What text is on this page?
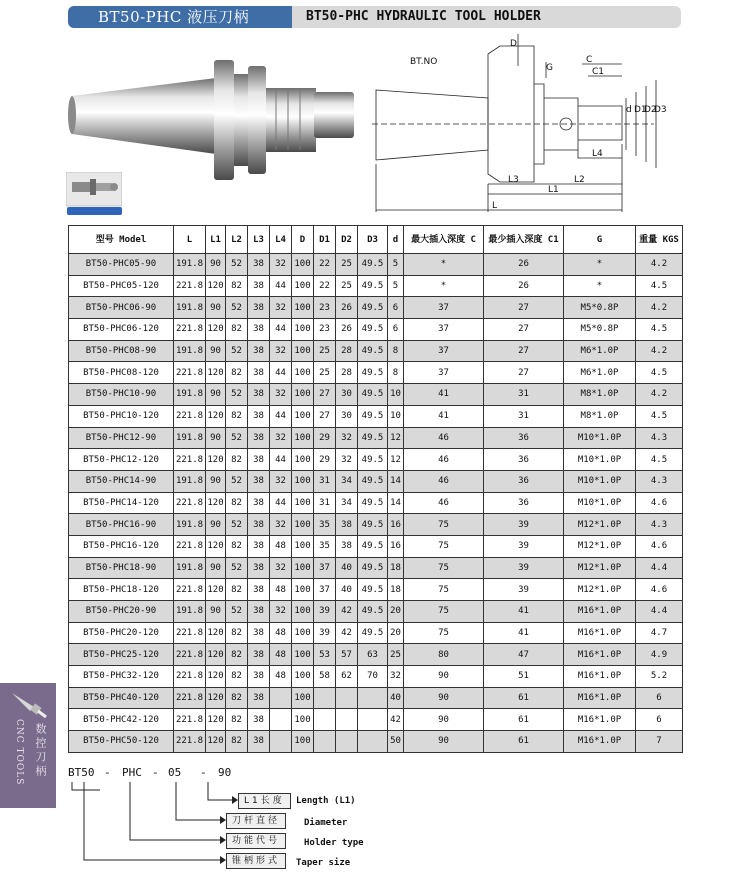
BT50-PHC 液压刀柄	BT50-PHC HYDRAULIC TOOL HOLDER
D
BT.NO
G
C
C1
d D1
D2
D3
L4
L3	L2
L1
L
型号 Model	L	L1	L2	L3	L4	D	D1	D2	D3	d	最大插入深度 C	最少插入深度 C1	G	重量 KGS
BT50-PHC05-90	191.8	90	52	38	32	100	22	25	49.5	5	*	26	*	4.2
BT50-PHC05-120	221.8	120	82	38	44	100	22	25	49.5	5	*	26	*	4.5
BT50-PHC06-90	191.8	90	52	38	32	100	23	26	49.5	6	37	27	M5*0.8P	4.2
BT50-PHC06-120	221.8	120	82	38	44	100	23	26	49.5	6	37	27	M5*0.8P	4.5
BT50-PHC08-90	191.8	90	52	38	32	100	25	28	49.5	8	37	27	M6*1.0P	4.2
BT50-PHC08-120	221.8	120	82	38	44	100	25	28	49.5	8	37	27	M6*1.0P	4.5
BT50-PHC10-90	191.8	90	52	38	32	100	27	30	49.5	10	41	31	M8*1.0P	4.2
BT50-PHC10-120	221.8	120	82	38	44	100	27	30	49.5	10	41	31	M8*1.0P	4.5
BT50-PHC12-90	191.8	90	52	38	32	100	29	32	49.5	12	46	36	M10*1.0P	4.3
BT50-PHC12-120	221.8	120	82	38	44	100	29	32	49.5	12	46	36	M10*1.0P	4.5
BT50-PHC14-90	191.8	90	52	38	32	100	31	34	49.5	14	46	36	M10*1.0P	4.3
BT50-PHC14-120	221.8	120	82	38	44	100	31	34	49.5	14	46	36	M10*1.0P	4.6
BT50-PHC16-90	191.8	90	52	38	32	100	35	38	49.5	16	75	39	M12*1.0P	4.3
BT50-PHC16-120	221.8	120	82	38	48	100	35	38	49.5	16	75	39	M12*1.0P	4.6
BT50-PHC18-90	191.8	90	52	38	32	100	37	40	49.5	18	75	39	M12*1.0P	4.4
BT50-PHC18-120	221.8	120	82	38	48	100	37	40	49.5	18	75	39	M12*1.0P	4.6
BT50-PHC20-90	191.8	90	52	38	32	100	39	42	49.5	20	75	41	M16*1.0P	4.4
BT50-PHC20-120	221.8	120	82	38	48	100	39	42	49.5	20	75	41	M16*1.0P	4.7
BT50-PHC25-120	221.8	120	82	38	48	100	53	57	63	25	80	47	M16*1.0P	4.9
BT50-PHC32-120	221.8	120	82	38	48	100	58	62	70	32	90	51	M16*1.0P	5.2
BT50-PHC40-120	221.8	120	82	38		100				40	90	61	M16*1.0P	6
BT50-PHC42-120	221.8	120	82	38		100				42	90	61	M16*1.0P	6
BT50-PHC50-120	221.8	120	82	38		100				50	90	61	M16*1.0P	7
CNC TOOLS 数控刀柄 BT50 - PHC - 05 - 90
L1长度	Length (L1)
刀杆直径	Diameter
功能代号	Holder type
锥柄形式	Taper size
